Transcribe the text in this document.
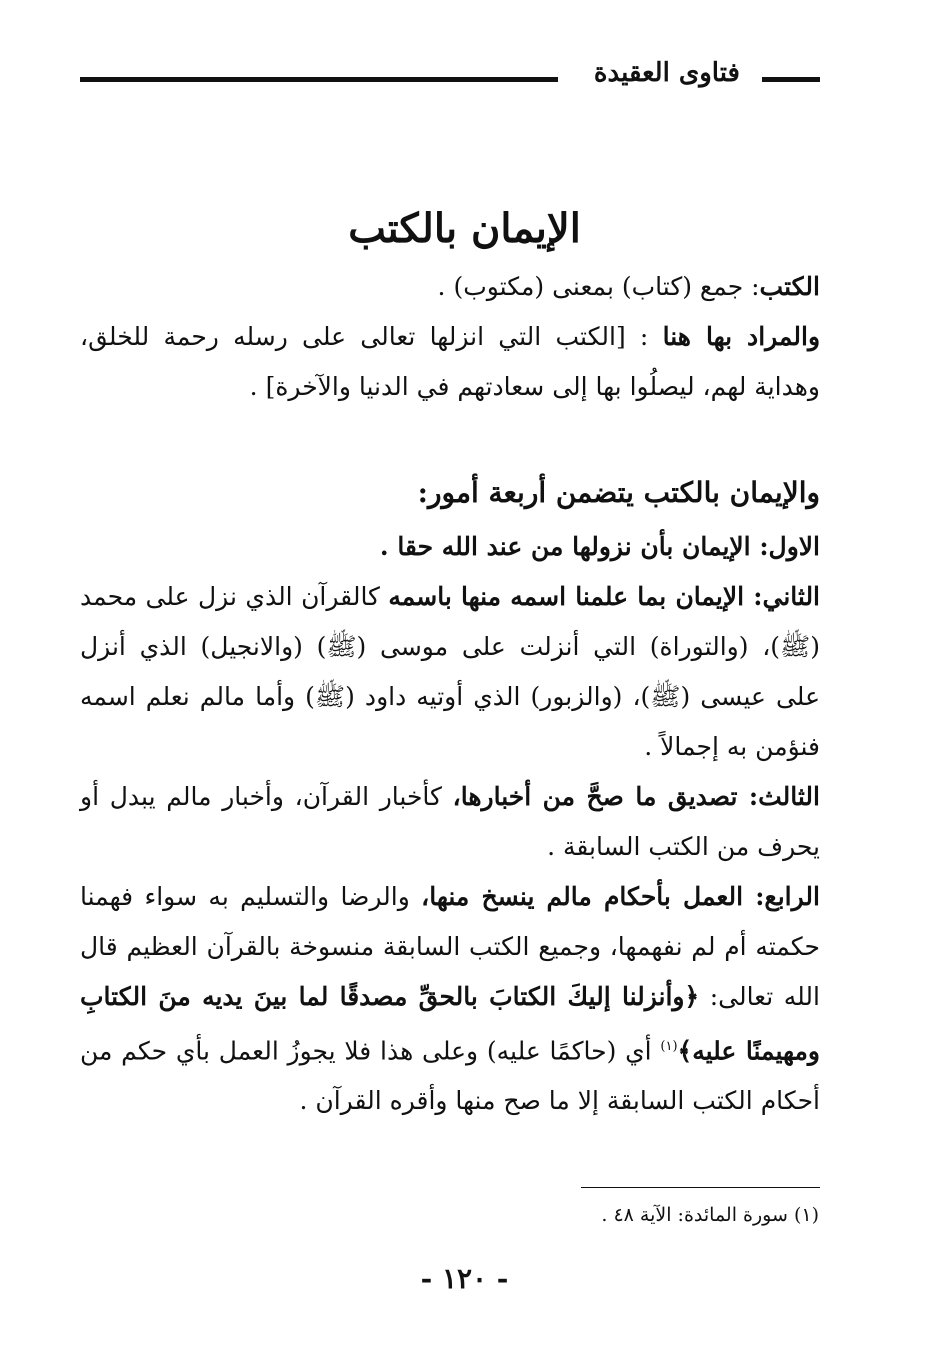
فتاوى العقيدة
الإيمان بالكتب

الكتب: جمع (كتاب) بمعنى (مكتوب) .

والمراد بها هنا : [الكتب التي انزلها تعالى على رسله رحمة للخلق، وهداية لهم، ليصلُوا بها إلى سعادتهم في الدنيا والآخرة] .

والإيمان بالكتب يتضمن أربعة أمور:

الاول: الإيمان بأن نزولها من عند الله حقا .

الثاني: الإيمان بما علمنا اسمه منها باسمه كالقرآن الذي نزل على محمد (ﷺ)، (والتوراة) التي أنزلت على موسى (ﷺ) (والانجيل) الذي أنزل على عيسى (ﷺ)، (والزبور) الذي أوتيه داود (ﷺ) وأما مالم نعلم اسمه فنؤمن به إجمالاً .

الثالث: تصديق ما صحَّ من أخبارها، كأخبار القرآن، وأخبار مالم يبدل أو يحرف من الكتب السابقة .

الرابع: العمل بأحكام مالم ينسخ منها، والرضا والتسليم به سواء فهمنا حكمته أم لم نفهمها، وجميع الكتب السابقة منسوخة بالقرآن العظيم قال الله تعالى: ﴿وأنزلنا إليكَ الكتابَ بالحقِّ مصدقًا لما بينَ يديه منَ الكتابِ ومهيمنًا عليه﴾$^{(١)}$ أي (حاكمًا عليه) وعلى هذا فلا يجوزُ العمل بأي حكم من أحكام الكتب السابقة إلا ما صح منها وأقره القرآن .

(١) سورة المائدة: الآية ٤٨ .
- ١٢٠ -
